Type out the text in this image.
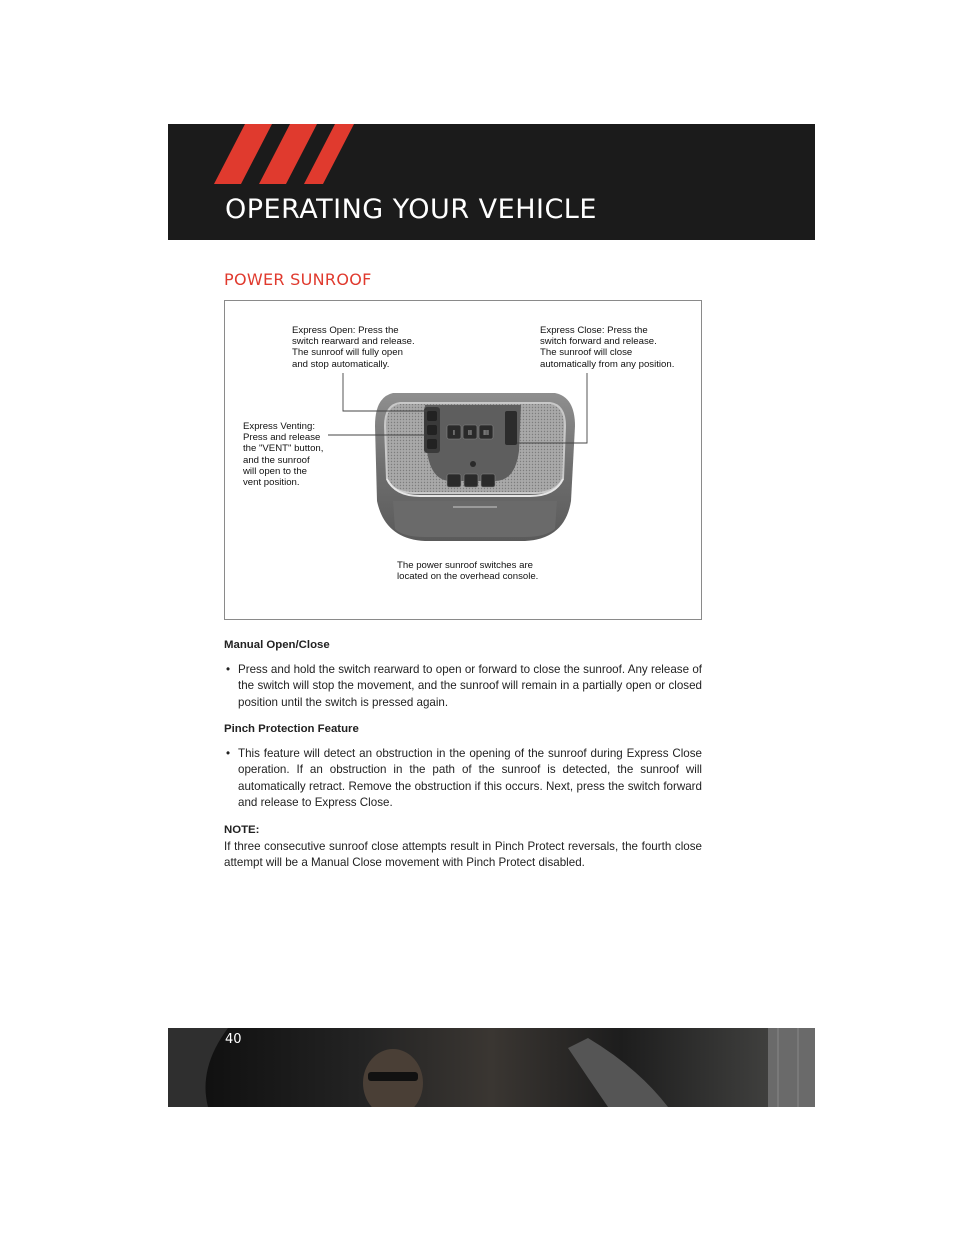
OPERATING YOUR VEHICLE
POWER SUNROOF
I II III
Express Open: Press the
switch rearward and release.
The sunroof will fully open
and stop automatically.
Express Close: Press the
switch forward and release.
The sunroof will close
automatically from any position.
Express Venting:
Press and release
the "VENT" button,
and the sunroof
will open to the
vent position.
The power sunroof switches are
located on the overhead console.
Manual Open/Close
• Press and hold the switch rearward to open or forward to close the sunroof. Any release of the switch will stop the movement, and the sunroof will remain in a partially open or closed position until the switch is pressed again.
Pinch Protection Feature
• This feature will detect an obstruction in the opening of the sunroof during Express Close operation. If an obstruction in the path of the sunroof is detected, the sunroof will automatically retract. Remove the obstruction if this occurs. Next, press the switch forward and release to Express Close.
NOTE:
If three consecutive sunroof close attempts result in Pinch Protect reversals, the fourth close attempt will be a Manual Close movement with Pinch Protect disabled.
40
